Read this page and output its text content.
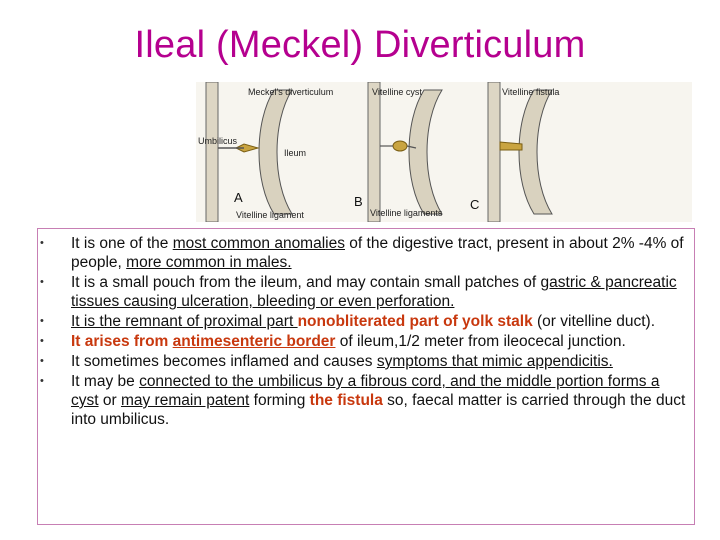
Ileal (Meckel) Diverticulum
Meckel's diverticulum
Umbilicus
Ileum
A
Vitelline ligament
Vitelline cyst
B
Vitelline ligaments
Vitelline fistula
C
• It is one of the most common anomalies of the digestive tract, present in about 2% -4% of people, more common in males.
• It is a small pouch from the ileum, and may contain small patches of gastric & pancreatic tissues causing ulceration, bleeding or even perforation.
• It is the remnant of proximal part nonobliterated part of yolk stalk (or vitelline duct).
• It arises from antimesenteric border of ileum,1/2 meter from ileocecal junction.
• It sometimes becomes inflamed and causes symptoms that mimic appendicitis.
• It may be connected to the umbilicus by a fibrous cord, and the middle portion forms a cyst or may remain patent forming the fistula so, faecal matter is carried through the duct into umbilicus.
